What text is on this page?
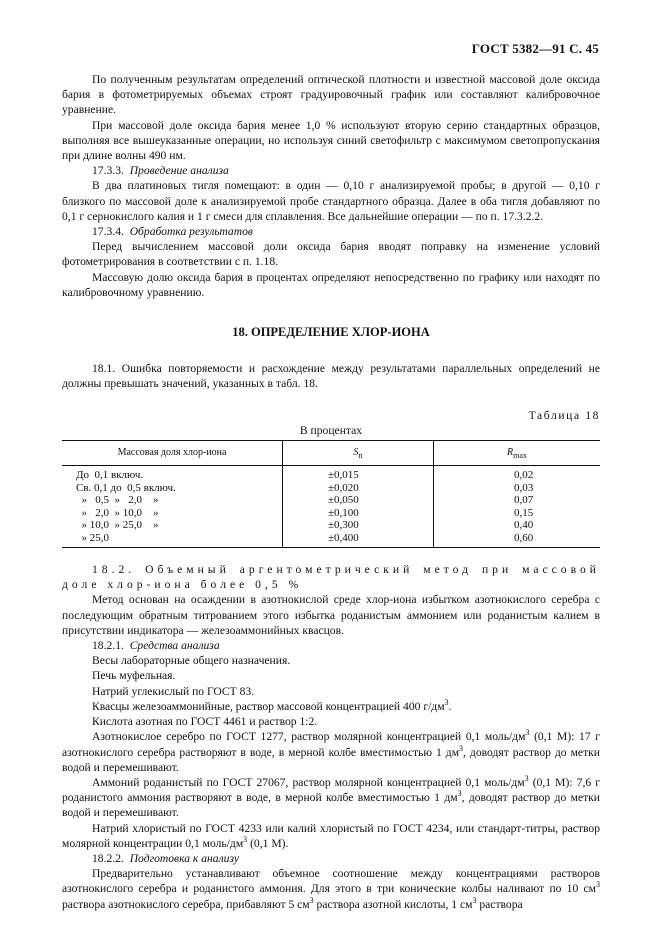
ГОСТ 5382—91 С. 45

По полученным результатам определений оптической плотности и известной массовой доле оксида бария в фотометрируемых объемах строят градуировочный график или составляют калибровочное уравнение.

При массовой доле оксида бария менее 1,0 % используют вторую серию стандартных образцов, выполняя все вышеуказанные операции, но используя синий светофильтр с максимумом светопропускания при длине волны 490 нм.

17.3.3. Проведение анализа

В два платиновых тигля помещают: в один — 0,10 г анализируемой пробы; в другой — 0,10 г близкого по массовой доле к анализируемой пробе стандартного образца. Далее в оба тигля добавляют по 0,1 г сернокислого калия и 1 г смеси для сплавления. Все дальнейшие операции — по п. 17.3.2.2.

17.3.4. Обработка результатов

Перед вычислением массовой доли оксида бария вводят поправку на изменение условий фотометрирования в соответствии с п. 1.18.

Массовую долю оксида бария в процентах определяют непосредственно по графику или находят по калибровочному уравнению.

18. ОПРЕДЕЛЕНИЕ ХЛОР-ИОНА

18.1. Ошибка повторяемости и расхождение между результатами параллельных определений не должны превышать значений, указанных в табл. 18.

Таблица 18
В процентах
Массовая доля хлор-иона	$S_п$	$R_{max}$
До  0,1 включ.	±0,015	0,02
Св. 0,1 до  0,5 включ.	±0,020	0,03
»   0,5  »   2,0    »	±0,050	0,07
»   2,0  » 10,0    »	±0,100	0,15
» 10,0  » 25,0    »	±0,300	0,40
» 25,0	±0,400	0,60

18.2. Объемный аргентометрический метод при массовой доле хлор-иона более 0,5 %

Метод основан на осаждении в азотнокислой среде хлор-иона избытком азотнокислого серебра с последующим обратным титрованием этого избытка роданистым аммонием или роданистым калием в присутствии индикатора — железоаммонийных квасцов.

18.2.1. Средства анализа

Весы лабораторные общего назначения.

Печь муфельная.

Натрий углекислый по ГОСТ 83.

Квасцы железоаммонийные, раствор массовой концентрацией 400 $г/дм^3$.

Кислота азотная по ГОСТ 4461 и раствор 1:2.

Азотнокислое серебро по ГОСТ 1277, раствор молярной концентрацией 0,1 моль/$дм^3$ (0,1 М): 17 г азотнокислого серебра растворяют в воде, в мерной колбе вместимостью 1 $дм^3$, доводят раствор до метки водой и перемешивают.

Аммоний роданистый по ГОСТ 27067, раствор молярной концентрацией 0,1 моль/$дм^3$ (0,1 М): 7,6 г роданистого аммония растворяют в воде, в мерной колбе вместимостью 1 $дм^3$, доводят раствор до метки водой и перемешивают.

Натрий хлористый по ГОСТ 4233 или калий хлористый по ГОСТ 4234, или стандарт-титры, раствор молярной концентрации 0,1 моль/$дм^3$ (0,1 М).

18.2.2. Подготовка к анализу

Предварительно устанавливают объемное соотношение между концентрациями растворов азотнокислого серебра и роданистого аммония. Для этого в три конические колбы наливают по 10 $см^3$ раствора азотнокислого серебра, прибавляют 5 $см^3$ раствора азотной кислоты, 1 $см^3$ раствора
